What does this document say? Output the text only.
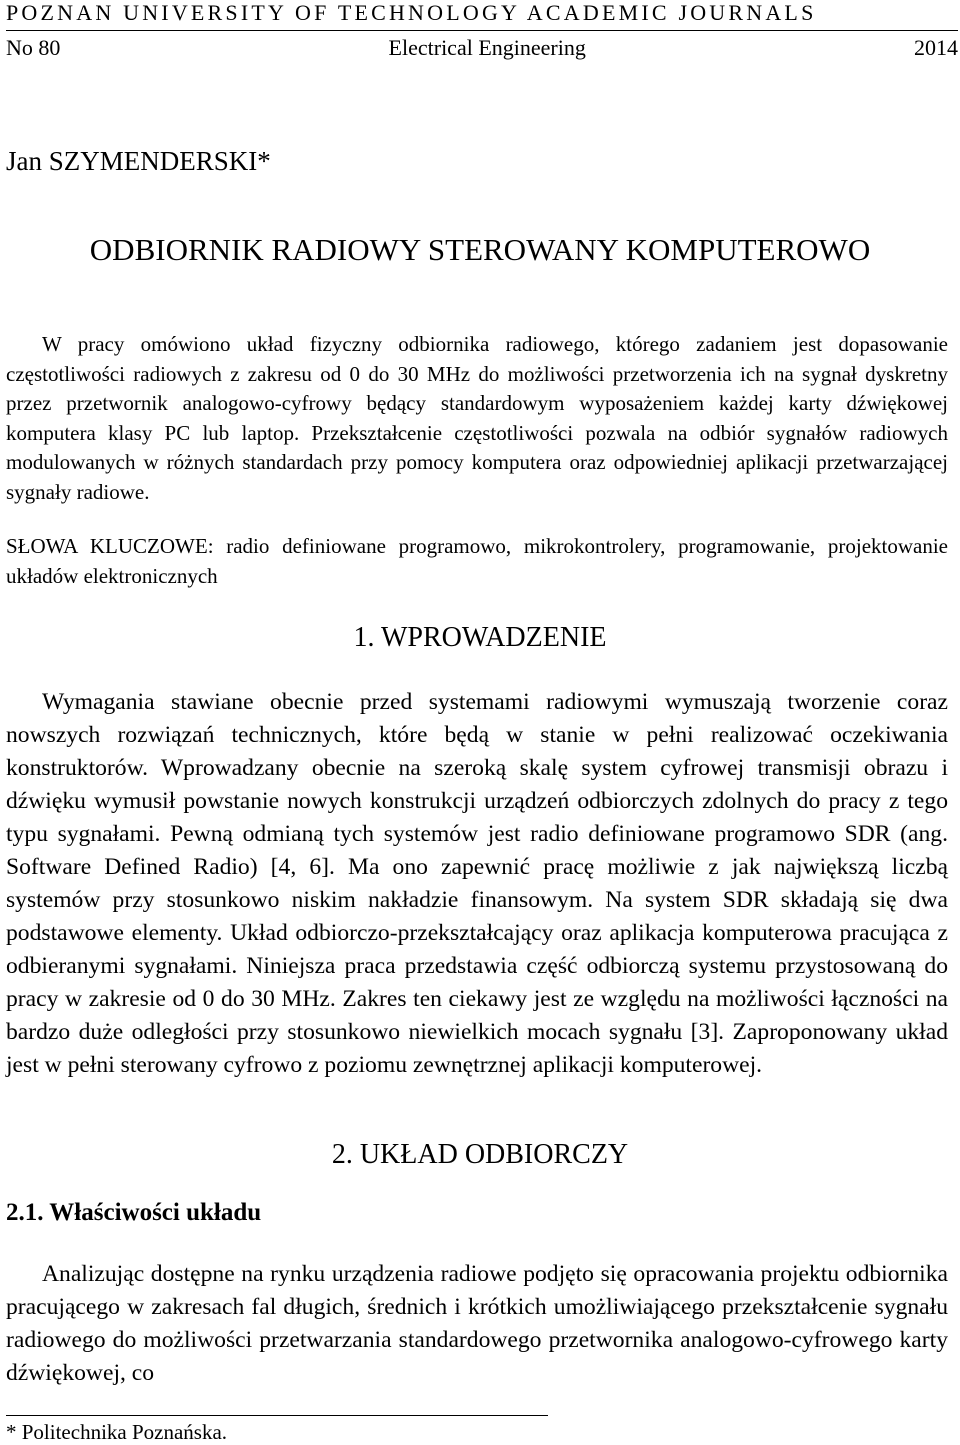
POZNAN UNIVERSITY OF TECHNOLOGY ACADEMIC JOURNALS
No 80	Electrical Engineering	2014
Jan SZYMENDERSKI*
ODBIORNIK RADIOWY STEROWANY KOMPUTEROWO

W pracy omówiono układ fizyczny odbiornika radiowego, którego zadaniem jest dopasowanie częstotliwości radiowych z zakresu od 0 do 30 MHz do możliwości przetworzenia ich na sygnał dyskretny przez przetwornik analogowo-cyfrowy będący standardowym wyposażeniem każdej karty dźwiękowej komputera klasy PC lub laptop. Przekształcenie częstotliwości pozwala na odbiór sygnałów radiowych modulowanych w różnych standardach przy pomocy komputera oraz odpowiedniej aplikacji przetwarzającej sygnały radiowe.

SŁOWA KLUCZOWE: radio definiowane programowo, mikrokontrolery, programowanie, projektowanie układów elektronicznych

1. WPROWADZENIE

Wymagania stawiane obecnie przed systemami radiowymi wymuszają tworzenie coraz nowszych rozwiązań technicznych, które będą w stanie w pełni realizować oczekiwania konstruktorów. Wprowadzany obecnie na szeroką skalę system cyfrowej transmisji obrazu i dźwięku wymusił powstanie nowych konstrukcji urządzeń odbiorczych zdolnych do pracy z tego typu sygnałami. Pewną odmianą tych systemów jest radio definiowane programowo SDR (ang. Software Defined Radio) [4, 6]. Ma ono zapewnić pracę możliwie z jak największą liczbą systemów przy stosunkowo niskim nakładzie finansowym. Na system SDR składają się dwa podstawowe elementy. Układ odbiorczo-przekształcający oraz aplikacja komputerowa pracująca z odbieranymi sygnałami. Niniejsza praca przedstawia część odbiorczą systemu przystosowaną do pracy w zakresie od 0 do 30 MHz. Zakres ten ciekawy jest ze względu na możliwości łączności na bardzo duże odległości przy stosunkowo niewielkich mocach sygnału [3]. Zaproponowany układ jest w pełni sterowany cyfrowo z poziomu zewnętrznej aplikacji komputerowej.

2. UKŁAD ODBIORCZY
2.1. Właściwości układu

Analizując dostępne na rynku urządzenia radiowe podjęto się opracowania projektu odbiornika pracującego w zakresach fal długich, średnich i krótkich umożliwiającego przekształcenie sygnału radiowego do możliwości przetwarzania standardowego przetwornika analogowo-cyfrowego karty dźwiękowej, co

* Politechnika Poznańska.
